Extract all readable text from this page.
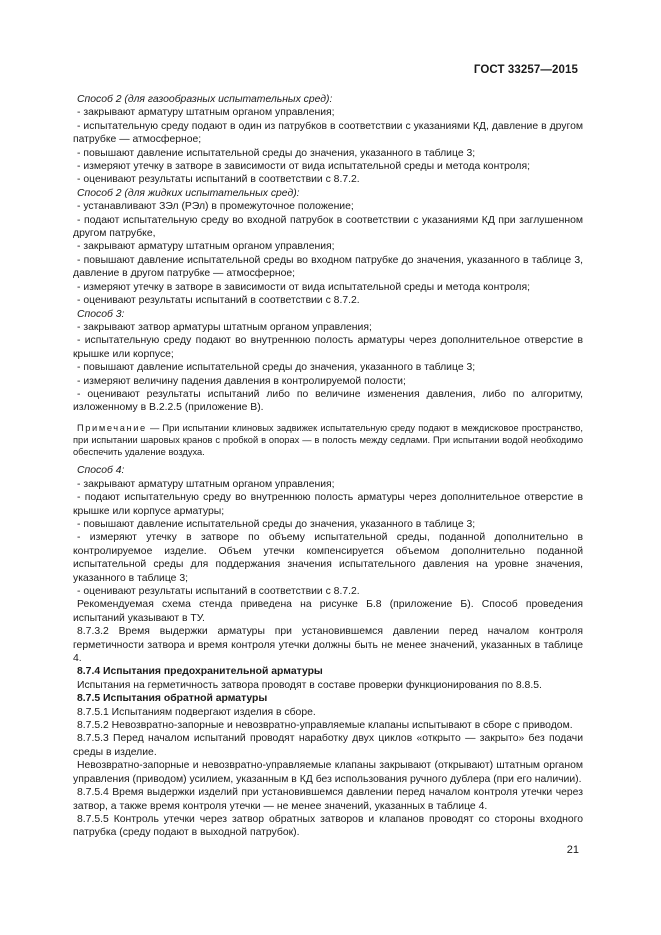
ГОСТ 33257—2015

Способ 2 (для газообразных испытательных сред):

- закрывают арматуру штатным органом управления;

- испытательную среду подают в один из патрубков в соответствии с указаниями КД, давление в другом патрубке — атмосферное;

- повышают давление испытательной среды до значения, указанного в таблице 3;

- измеряют утечку в затворе в зависимости от вида испытательной среды и метода контроля;

- оценивают результаты испытаний в соответствии с 8.7.2.

Способ 2 (для жидких испытательных сред):

- устанавливают ЗЭл (РЭл) в промежуточное положение;

- подают испытательную среду во входной патрубок в соответствии с указаниями КД при заглушенном другом патрубке,

- закрывают арматуру штатным органом управления;

- повышают давление испытательной среды во входном патрубке до значения, указанного в таблице 3, давление в другом патрубке — атмосферное;

- измеряют утечку в затворе в зависимости от вида испытательной среды и метода контроля;

- оценивают результаты испытаний в соответствии с 8.7.2.

Способ 3:

- закрывают затвор арматуры штатным органом управления;

- испытательную среду подают во внутреннюю полость арматуры через дополнительное отверстие в крышке или корпусе;

- повышают давление испытательной среды до значения, указанного в таблице 3;

- измеряют величину падения давления в контролируемой полости;

- оценивают результаты испытаний либо по величине изменения давления, либо по алгоритму, изложенному в В.2.2.5 (приложение В).

Примечание — При испытании клиновых задвижек испытательную среду подают в междисковое пространство, при испытании шаровых кранов с пробкой в опорах — в полость между седлами. При испытании водой необходимо обеспечить удаление воздуха.

Способ 4:

- закрывают арматуру штатным органом управления;

- подают испытательную среду во внутреннюю полость арматуры через дополнительное отверстие в крышке или корпусе арматуры;

- повышают давление испытательной среды до значения, указанного в таблице 3;

- измеряют утечку в затворе по объему испытательной среды, поданной дополнительно в контролируемое изделие. Объем утечки компенсируется объемом дополнительно поданной испытательной среды для поддержания значения испытательного давления на уровне значения, указанного в таблице 3;

- оценивают результаты испытаний в соответствии с 8.7.2.

Рекомендуемая схема стенда приведена на рисунке Б.8 (приложение Б). Способ проведения испытаний указывают в ТУ.

8.7.3.2 Время выдержки арматуры при установившемся давлении перед началом контроля герметичности затвора и время контроля утечки должны быть не менее значений, указанных в таблице 4.

8.7.4 Испытания предохранительной арматуры

Испытания на герметичность затвора проводят в составе проверки функционирования по 8.8.5.

8.7.5 Испытания обратной арматуры

8.7.5.1 Испытаниям подвергают изделия в сборе.

8.7.5.2 Невозвратно-запорные и невозвратно-управляемые клапаны испытывают в сборе с приводом.

8.7.5.3 Перед началом испытаний проводят наработку двух циклов «открыто — закрыто» без подачи среды в изделие.

Невозвратно-запорные и невозвратно-управляемые клапаны закрывают (открывают) штатным органом управления (приводом) усилием, указанным в КД без использования ручного дублера (при его наличии).

8.7.5.4 Время выдержки изделий при установившемся давлении перед началом контроля утечки через затвор, а также время контроля утечки — не менее значений, указанных в таблице 4.

8.7.5.5 Контроль утечки через затвор обратных затворов и клапанов проводят со стороны входного патрубка (среду подают в выходной патрубок).

21
